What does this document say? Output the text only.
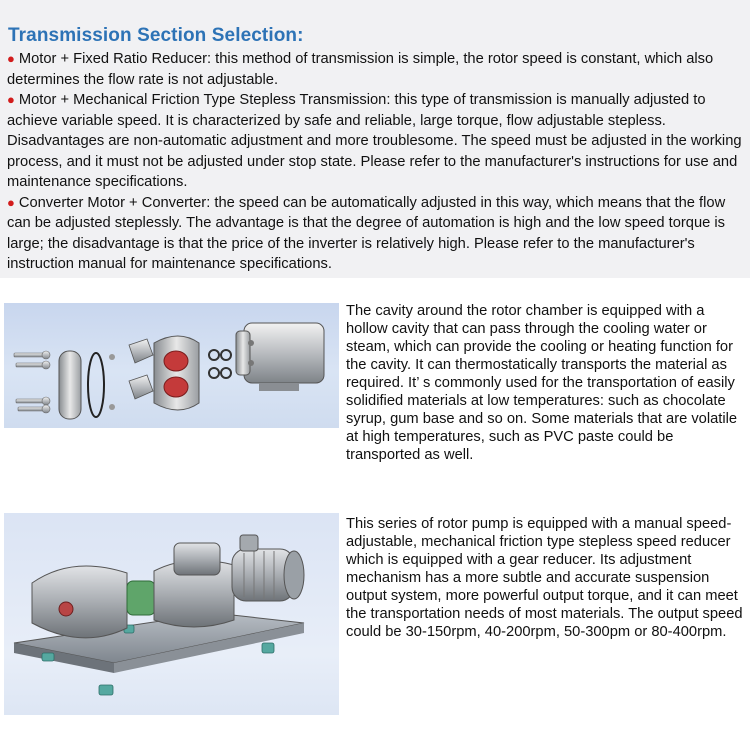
Transmission Section Selection:

● Motor + Fixed Ratio Reducer: this method of transmission is simple, the rotor speed is constant, which also determines the flow rate is not adjustable.

● Motor + Mechanical Friction Type Stepless Transmission: this type of transmission is manually adjusted to achieve variable speed. It is characterized by safe and reliable, large torque, flow adjustable stepless. Disadvantages are non-automatic adjustment and more troublesome. The speed must be adjusted in the working process, and it must not be adjusted under stop state. Please refer to the manufacturer's instructions for use and maintenance specifications.

● Converter Motor + Converter: the speed can be automatically adjusted in this way, which means that the flow can be adjusted steplessly. The advantage is that the degree of automation is high and the low speed torque is large; the disadvantage is that the price of the inverter is relatively high. Please refer to the manufacturer's instruction manual for maintenance specifications.

The cavity around the rotor chamber is equipped with a hollow cavity that can pass through the cooling water or steam, which can provide the cooling or heating function for the cavity. It can thermostatically transports the material as required. It’ s commonly used for the transportation of easily solidified materials at low temperatures: such as chocolate syrup, gum base and so on. Some materials that are volatile at high temperatures, such as PVC paste could be transported as well.

This series of rotor pump is equipped with a manual speed-adjustable, mechanical friction type stepless speed reducer which is equipped with a gear reducer. Its adjustment mechanism has a more subtle and accurate suspension output system, more powerful output torque, and it can meet the transportation needs of most materials. The output speed could be 30-150rpm, 40-200rpm, 50-300pm or 80-400rpm.
